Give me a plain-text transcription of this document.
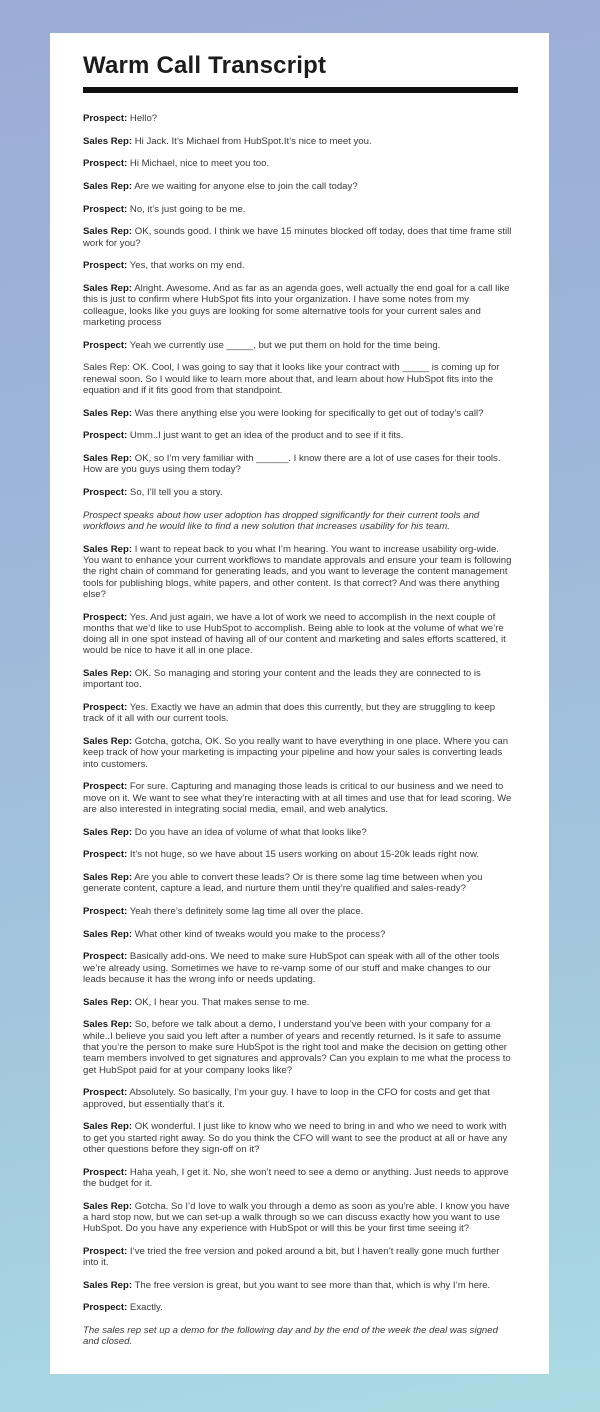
Warm Call Transcript

Prospect: Hello?

Sales Rep: Hi Jack. It’s Michael from HubSpot.It’s nice to meet you.

Prospect: Hi Michael, nice to meet you too.

Sales Rep: Are we waiting for anyone else to join the call today?

Prospect: No, it’s just going to be me.

Sales Rep: OK, sounds good. I think we have 15 minutes blocked off today, does that time frame still work for you?

Prospect: Yes, that works on my end.

Sales Rep: Alright. Awesome. And as far as an agenda goes, well actually the end goal for a call like this is just to confirm where HubSpot fits into your organization. I have some notes from my colleague, looks like you guys are looking for some alternative tools for your current sales and marketing process

Prospect: Yeah we currently use _____, but we put them on hold for the time being.

Sales Rep: OK. Cool, I was going to say that it looks like your contract with _____ is coming up for renewal soon. So I would like to learn more about that, and learn about how HubSpot fits into the equation and if it fits good from that standpoint.

Sales Rep: Was there anything else you were looking for specifically to get out of today’s call?

Prospect: Umm..I just want to get an idea of the product and to see if it fits.

Sales Rep: OK, so I’m very familiar with ______. I know there are a lot of use cases for their tools. How are you guys using them today?

Prospect: So, I’ll tell you a story.

Prospect speaks about how user adoption has dropped significantly for their current tools and workflows and he would like to find a new solution that increases usability for his team.

Sales Rep: I want to repeat back to you what I’m hearing. You want to increase usability org-wide. You want to enhance your current workflows to mandate approvals and ensure your team is following the right chain of command for generating leads, and you want to leverage the content management tools for publishing blogs, white papers, and other content. Is that correct? And was there anything else?

Prospect: Yes. And just again, we have a lot of work we need to accomplish in the next couple of months that we’d like to use HubSpot to accomplish. Being able to look at the volume of what we’re doing all in one spot instead of having all of our content and marketing and sales efforts scattered, it would be nice to have it all in one place.

Sales Rep: OK. So managing and storing your content and the leads they are connected to is important too.

Prospect: Yes. Exactly we have an admin that does this currently, but they are struggling to keep track of it all with our current tools.

Sales Rep: Gotcha, gotcha, OK. So you really want to have everything in one place. Where you can keep track of how your marketing is impacting your pipeline and how your sales is converting leads into customers.

Prospect: For sure. Capturing and managing those leads is critical to our business and we need to move on it. We want to see what they’re interacting with at all times and use that for lead scoring. We are also interested in integrating social media, email, and web analytics.

Sales Rep: Do you have an idea of volume of what that looks like?

Prospect: It’s not huge, so we have about 15 users working on about 15-20k leads right now.

Sales Rep: Are you able to convert these leads? Or is there some lag time between when you generate content, capture a lead, and nurture them until they’re qualified and sales-ready?

Prospect: Yeah there’s definitely some lag time all over the place.

Sales Rep: What other kind of tweaks would you make to the process?

Prospect: Basically add-ons. We need to make sure HubSpot can speak with all of the other tools we’re already using. Sometimes we have to re-vamp some of our stuff and make changes to our leads because it has the wrong info or needs updating.

Sales Rep: OK, I hear you. That makes sense to me.

Sales Rep: So, before we talk about a demo, I understand you’ve been with your company for a while..I believe you said you left after a number of years and recently returned. Is it safe to assume that you’re the person to make sure HubSpot is the right tool and make the decision on getting other team members involved to get signatures and approvals? Can you explain to me what the process to get HubSpot paid for at your company looks like?

Prospect: Absolutely. So basically, I’m your guy. I have to loop in the CFO for costs and get that approved, but essentially that’s it.

Sales Rep: OK wonderful. I just like to know who we need to bring in and who we need to work with to get you started right away. So do you think the CFO will want to see the product at all or have any other questions before they sign-off on it?

Prospect: Haha yeah, I get it. No, she won’t need to see a demo or anything. Just needs to approve the budget for it.

Sales Rep: Gotcha. So I’d love to walk you through a demo as soon as you’re able. I know you have a hard stop now, but we can set-up a walk through so we can discuss exactly how you want to use HubSpot. Do you have any experience with HubSpot or will this be your first time seeing it?

Prospect: I’ve tried the free version and poked around a bit, but I haven’t really gone much further into it.

Sales Rep: The free version is great, but you want to see more than that, which is why I’m here.

Prospect: Exactly.

The sales rep set up a demo for the following day and by the end of the week the deal was signed and closed.
